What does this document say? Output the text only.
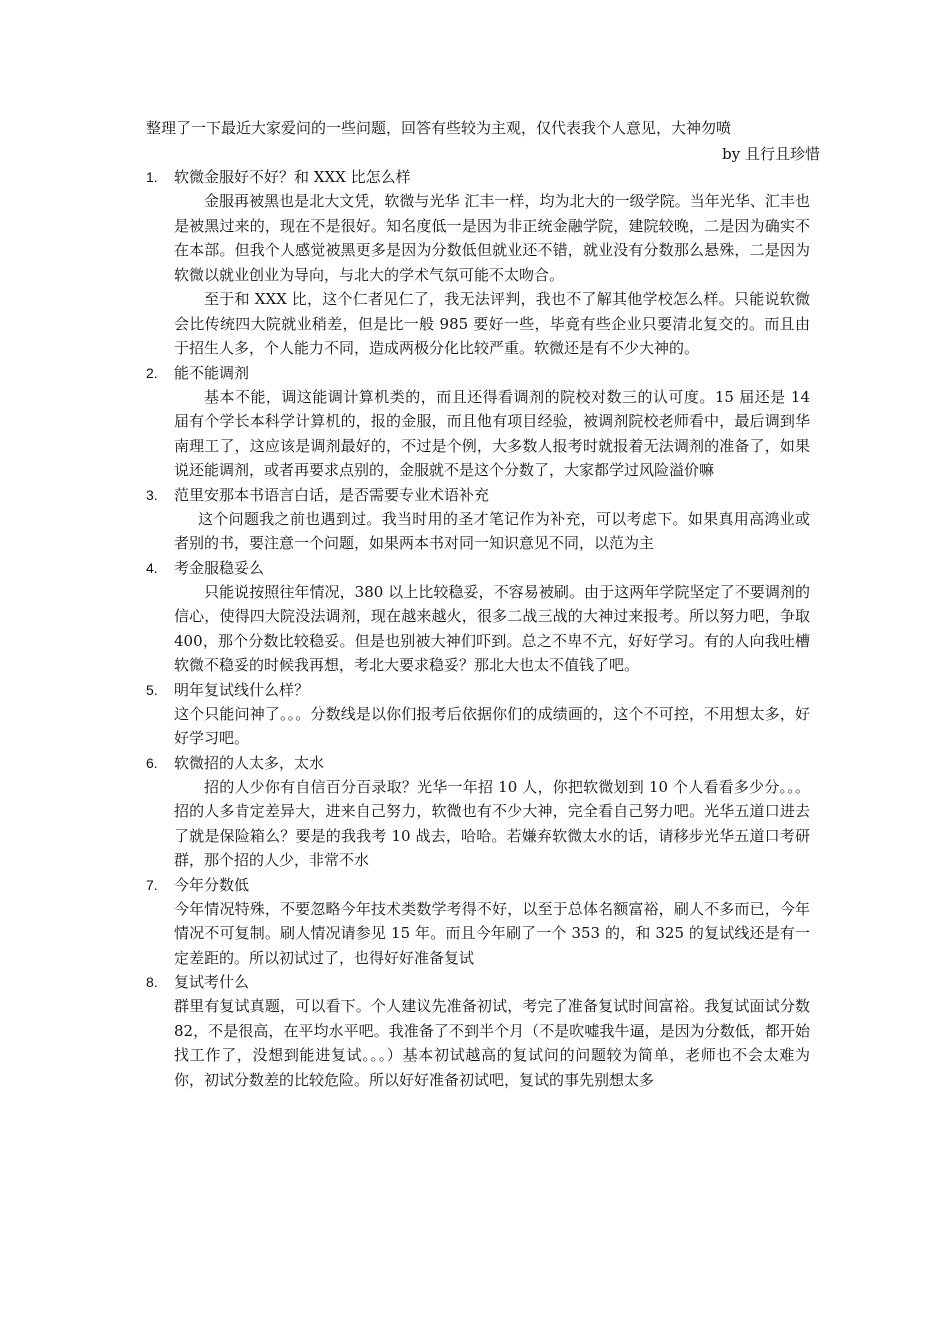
整理了一下最近大家爱问的一些问题，回答有些较为主观，仅代表我个人意见，大神勿喷
by 且行且珍惜
1.	软微金服好不好？和 XXX 比怎么样
金服再被黑也是北大文凭，软微与光华 汇丰一样，均为北大的一级学院。当年光华、汇丰也是被黑过来的，现在不是很好。知名度低一是因为非正统金融学院，建院较晚，二是因为确实不在本部。但我个人感觉被黑更多是因为分数低但就业还不错，就业没有分数那么悬殊，二是因为软微以就业创业为导向，与北大的学术气氛可能不太吻合。
至于和 XXX 比，这个仁者见仁了，我无法评判，我也不了解其他学校怎么样。只能说软微会比传统四大院就业稍差，但是比一般 985 要好一些，毕竟有些企业只要清北复交的。而且由于招生人多，个人能力不同，造成两极分化比较严重。软微还是有不少大神的。
2.	能不能调剂
基本不能，调这能调计算机类的，而且还得看调剂的院校对数三的认可度。15 届还是 14 届有个学长本科学计算机的，报的金服，而且他有项目经验，被调剂院校老师看中，最后调到华南理工了，这应该是调剂最好的，不过是个例，大多数人报考时就报着无法调剂的准备了，如果说还能调剂，或者再要求点别的，金服就不是这个分数了，大家都学过风险溢价嘛
3.	范里安那本书语言白话，是否需要专业术语补充
这个问题我之前也遇到过。我当时用的圣才笔记作为补充，可以考虑下。如果真用高鸿业或者别的书，要注意一个问题，如果两本书对同一知识意见不同，以范为主
4.	考金服稳妥么
只能说按照往年情况，380 以上比较稳妥，不容易被刷。由于这两年学院坚定了不要调剂的信心，使得四大院没法调剂，现在越来越火，很多二战三战的大神过来报考。所以努力吧，争取 400，那个分数比较稳妥。但是也别被大神们吓到。总之不卑不亢，好好学习。有的人向我吐槽软微不稳妥的时候我再想，考北大要求稳妥？那北大也太不值钱了吧。
5.	明年复试线什么样？
这个只能问神了。。。分数线是以你们报考后依据你们的成绩画的，这个不可控，不用想太多，好好学习吧。
6.	软微招的人太多，太水
招的人少你有自信百分百录取？光华一年招 10 人，你把软微划到 10 个人看看多少分。。。招的人多肯定差异大，进来自己努力，软微也有不少大神，完全看自己努力吧。光华五道口进去了就是保险箱么？要是的我我考 10 战去，哈哈。若嫌弃软微太水的话，请移步光华五道口考研群，那个招的人少，非常不水
7.	今年分数低
今年情况特殊，不要忽略今年技术类数学考得不好，以至于总体名额富裕，刷人不多而已，今年情况不可复制。刷人情况请参见 15 年。而且今年刷了一个 353 的，和 325 的复试线还是有一定差距的。所以初试过了，也得好好准备复试
8.	复试考什么
群里有复试真题，可以看下。个人建议先准备初试，考完了准备复试时间富裕。我复试面试分数 82，不是很高，在平均水平吧。我准备了不到半个月（不是吹嘘我牛逼，是因为分数低，都开始找工作了，没想到能进复试。。。）基本初试越高的复试问的问题较为简单，老师也不会太难为你，初试分数差的比较危险。所以好好准备初试吧，复试的事先别想太多
